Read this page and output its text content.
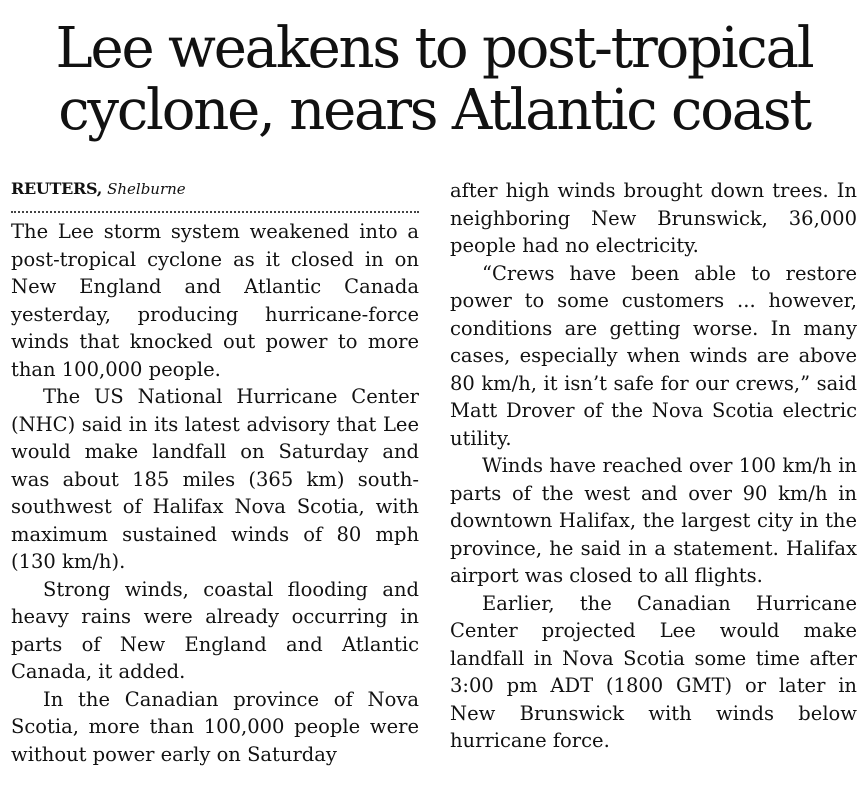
Lee weakens to post-tropical cyclone, nears Atlantic coast
REUTERS, Shelburne

The Lee storm system weakened into a post-tropical cyclone as it closed in on New England and Atlantic Canada yesterday, producing hurricane-force winds that knocked out power to more than 100,000 people.

The US National Hurricane Center (NHC) said in its latest advisory that Lee would make landfall on Saturday and was about 185 miles (365 km) south-southwest of Halifax Nova Scotia, with maximum sustained winds of 80 mph (130 km/h).

Strong winds, coastal flooding and heavy rains were already occurring in parts of New England and Atlantic Canada, it added.

In the Canadian province of Nova Scotia, more than 100,000 people were without power early on Saturday

after high winds brought down trees. In neighboring New Brunswick, 36,000 people had no electricity.

“Crews have been able to restore power to some customers ... however, conditions are getting worse. In many cases, especially when winds are above 80 km/h, it isn’t safe for our crews,” said Matt Drover of the Nova Scotia electric utility.

Winds have reached over 100 km/h in parts of the west and over 90 km/h in downtown Halifax, the largest city in the province, he said in a statement. Halifax airport was closed to all flights.

Earlier, the Canadian Hurricane Center projected Lee would make landfall in Nova Scotia some time after 3:00 pm ADT (1800 GMT) or later in New Brunswick with winds below hurricane force.
